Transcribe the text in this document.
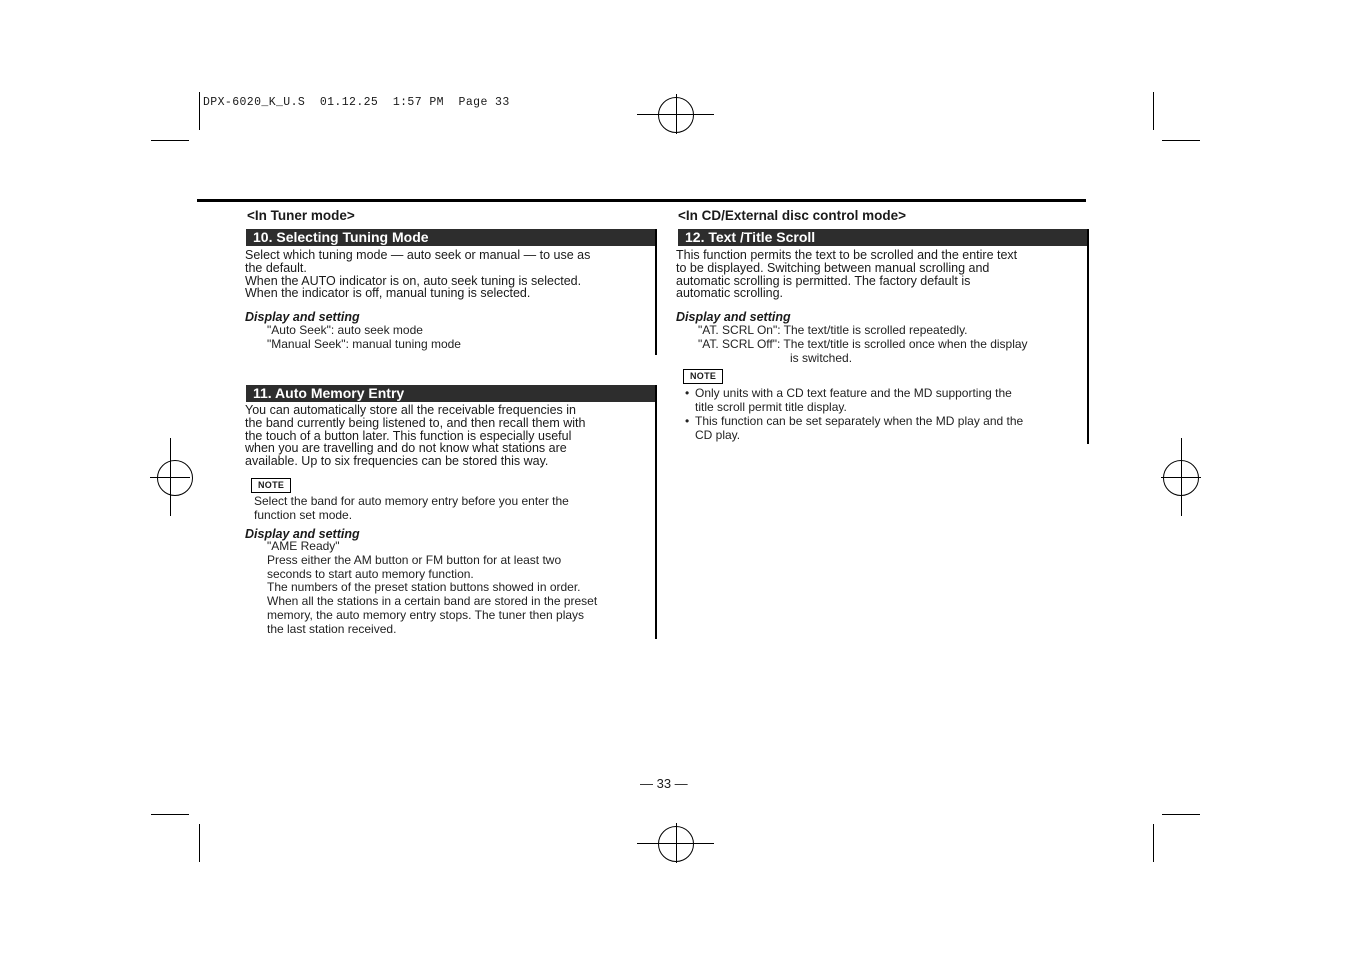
DPX-6020_K_U.S  01.12.25  1:57 PM  Page 33
<In Tuner mode>
10. Selecting Tuning Mode
Select which tuning mode — auto seek or manual — to use as
the default.
When the AUTO indicator is on, auto seek tuning is selected.
When the indicator is off, manual tuning is selected.
Display and setting
"Auto Seek": auto seek mode
"Manual Seek": manual tuning mode
11. Auto Memory Entry
You can automatically store all the receivable frequencies in
the band currently being listened to, and then recall them with
the touch of a button later. This function is especially useful
when you are travelling and do not know what stations are
available. Up to six frequencies can be stored this way.
NOTE
Select the band for auto memory entry before you enter the
function set mode.
Display and setting
"AME Ready"
Press either the AM button or FM button for at least two
seconds to start auto memory function.
The numbers of the preset station buttons showed in order.
When all the stations in a certain band are stored in the preset
memory, the auto memory entry stops. The tuner then plays
the last station received.
<In CD/External disc control mode>
12. Text /Title Scroll
This function permits the text to be scrolled and the entire text
to be displayed. Switching between manual scrolling and
automatic scrolling is permitted. The factory default is
automatic scrolling.
Display and setting
"AT. SCRL On": The text/title is scrolled repeatedly.
"AT. SCRL Off": The text/title is scrolled once when the display
is switched.
NOTE
• Only units with a CD text feature and the MD supporting the
title scroll permit title display.
• This function can be set separately when the MD play and the
CD play.
— 33 —
